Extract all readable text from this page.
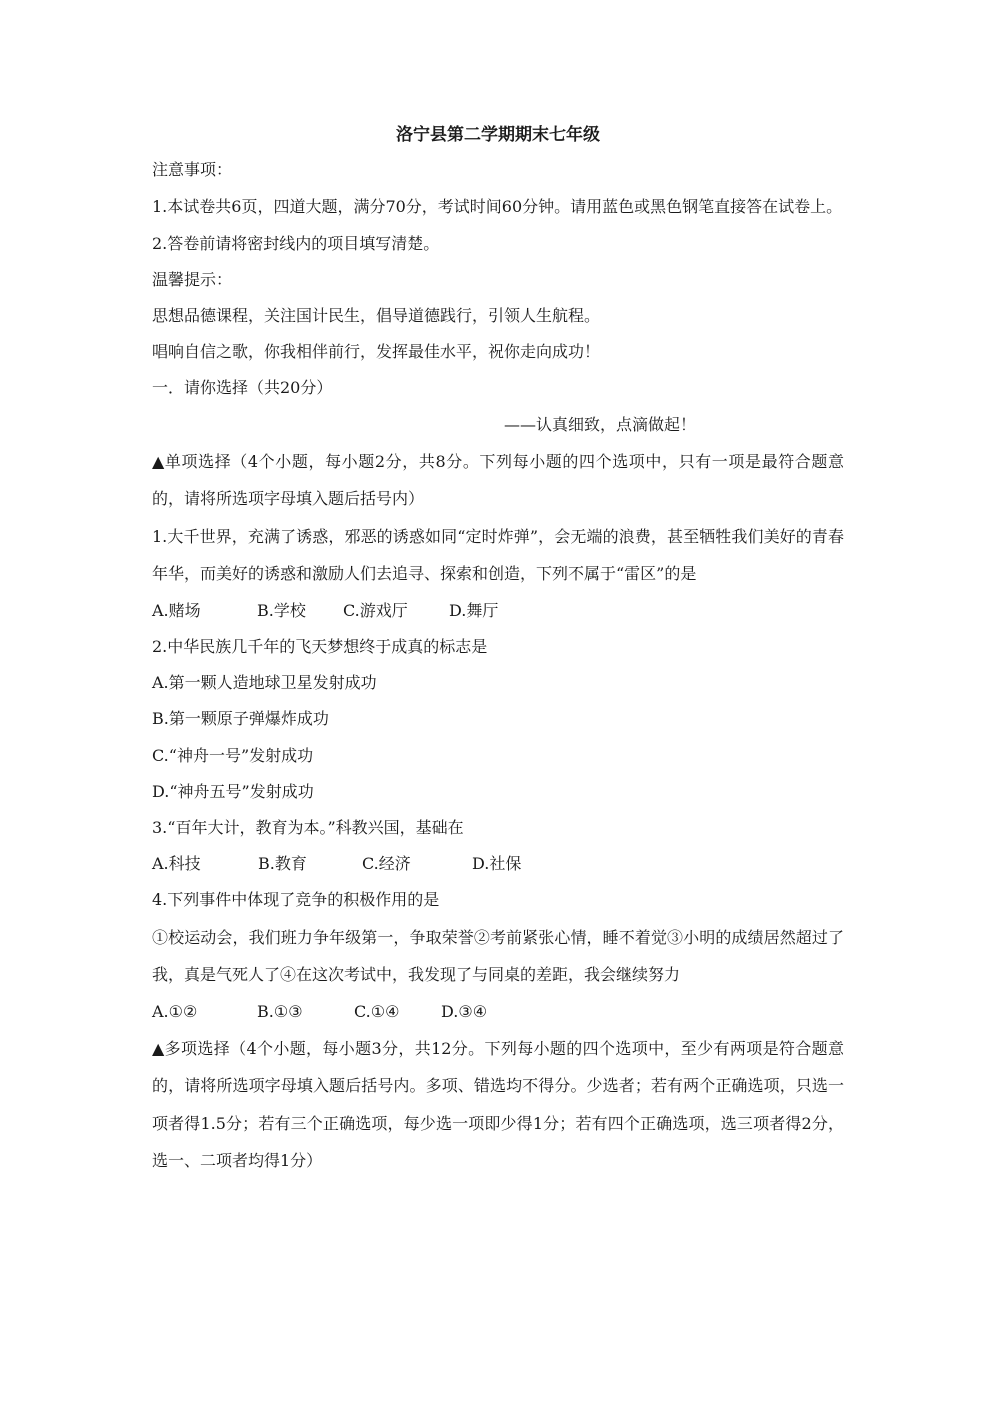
洛宁县第二学期期末七年级
注意事项：
1.本试卷共6页，四道大题，满分70分，考试时间60分钟。请用蓝色或黑色钢笔直接答在试卷上。
2.答卷前请将密封线内的项目填写清楚。
温馨提示：
思想品德课程，关注国计民生，倡导道德践行，引领人生航程。
唱响自信之歌，你我相伴前行，发挥最佳水平，祝你走向成功！
一．请你选择（共20分）
——认真细致，点滴做起！
▲单项选择（4个小题，每小题2分，共8分。下列每小题的四个选项中，只有一项是最符合题意的，请将所选项字母填入题后括号内）
1.大千世界，充满了诱惑，邪恶的诱惑如同“定时炸弹”，会无端的浪费，甚至牺牲我们美好的青春年华，而美好的诱惑和激励人们去追寻、探索和创造，下列不属于“雷区”的是
A.赌场	B.学校 C.游戏厅	D.舞厅
2.中华民族几千年的飞天梦想终于成真的标志是
A.第一颗人造地球卫星发射成功
B.第一颗原子弹爆炸成功
C.“神舟一号”发射成功
D.“神舟五号”发射成功
3.“百年大计，教育为本。”科教兴国，基础在
A.科技	B.教育	C.经济	D.社保
4.下列事件中体现了竞争的积极作用的是
①校运动会，我们班力争年级第一，争取荣誉②考前紧张心情，睡不着觉③小明的成绩居然超过了我，真是气死人了④在这次考试中，我发现了与同桌的差距，我会继续努力
A.①②	B.①③	C.①④	D.③④
▲多项选择（4个小题，每小题3分，共12分。下列每小题的四个选项中，至少有两项是符合题意的，请将所选项字母填入题后括号内。多项、错选均不得分。少选者；若有两个正确选项，只选一项者得1.5分；若有三个正确选项，每少选一项即少得1分；若有四个正确选项，选三项者得2分，选一、二项者均得1分）
